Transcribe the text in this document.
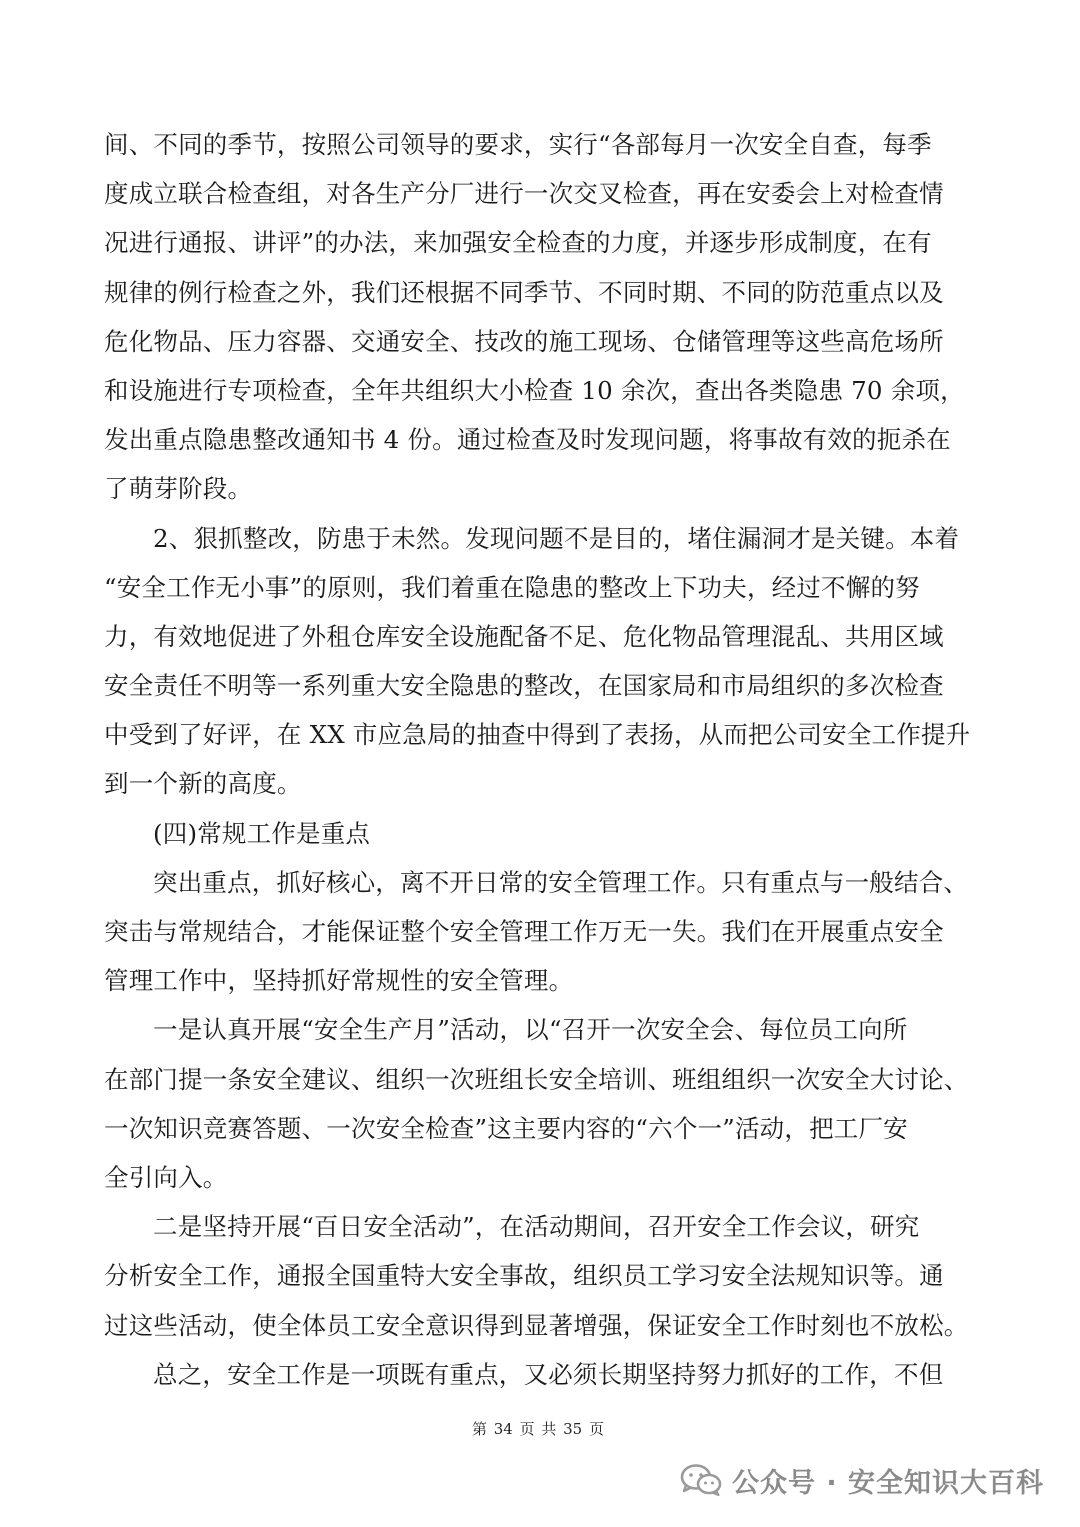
间、不同的季节，按照公司领导的要求，实行“各部每月一次安全自查，每季
度成立联合检查组，对各生产分厂进行一次交叉检查，再在安委会上对检查情
况进行通报、讲评”的办法，来加强安全检查的力度，并逐步形成制度，在有
规律的例行检查之外，我们还根据不同季节、不同时期、不同的防范重点以及
危化物品、压力容器、交通安全、技改的施工现场、仓储管理等这些高危场所
和设施进行专项检查，全年共组织大小检查 10 余次，查出各类隐患 70 余项，
发出重点隐患整改通知书 4 份。通过检查及时发现问题，将事故有效的扼杀在
了萌芽阶段。
2、狠抓整改，防患于未然。发现问题不是目的，堵住漏洞才是关键。本着
“安全工作无小事”的原则，我们着重在隐患的整改上下功夫，经过不懈的努
力，有效地促进了外租仓库安全设施配备不足、危化物品管理混乱、共用区域
安全责任不明等一系列重大安全隐患的整改，在国家局和市局组织的多次检查
中受到了好评，在 XX 市应急局的抽查中得到了表扬，从而把公司安全工作提升
到一个新的高度。
(四)常规工作是重点
突出重点，抓好核心，离不开日常的安全管理工作。只有重点与一般结合、
突击与常规结合，才能保证整个安全管理工作万无一失。我们在开展重点安全
管理工作中，坚持抓好常规性的安全管理。
一是认真开展“安全生产月”活动，以“召开一次安全会、每位员工向所
在部门提一条安全建议、组织一次班组长安全培训、班组组织一次安全大讨论、
一次知识竞赛答题、一次安全检查”这主要内容的“六个一”活动，把工厂安
全引向入。
二是坚持开展“百日安全活动”，在活动期间，召开安全工作会议，研究
分析安全工作，通报全国重特大安全事故，组织员工学习安全法规知识等。通
过这些活动，使全体员工安全意识得到显著增强，保证安全工作时刻也不放松。
总之，安全工作是一项既有重点，又必须长期坚持努力抓好的工作，不但
第 34 页 共 35 页
公众号 · 安全知识大百科
